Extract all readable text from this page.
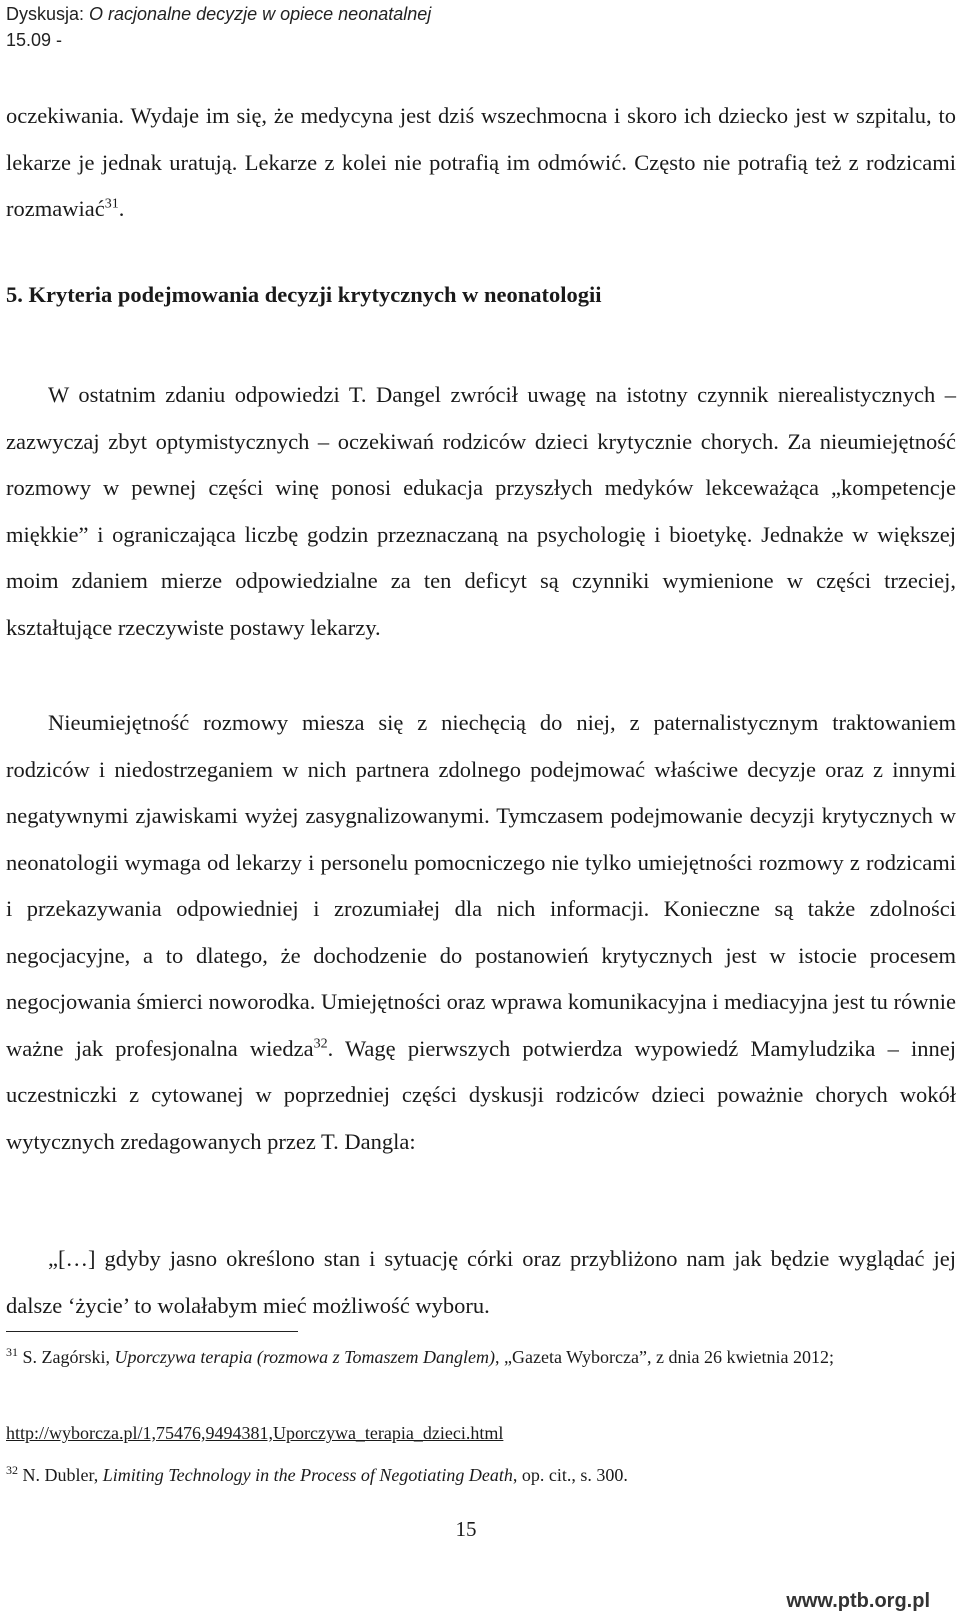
Dyskusja: O racjonalne decyzje w opiece neonatalnej
15.09 -

oczekiwania. Wydaje im się, że medycyna jest dziś wszechmocna i skoro ich dziecko jest w szpitalu, to lekarze je jednak uratują. Lekarze z kolei nie potrafią im odmówić. Często nie potrafią też z rodzicami rozmawiać$^{31}$.

5. Kryteria podejmowania decyzji krytycznych w neonatologii

W ostatnim zdaniu odpowiedzi T. Dangel zwrócił uwagę na istotny czynnik nierealistycznych – zazwyczaj zbyt optymistycznych – oczekiwań rodziców dzieci krytycznie chorych. Za nieumiejętność rozmowy w pewnej części winę ponosi edukacja przyszłych medyków lekceważąca „kompetencje miękkie” i ograniczająca liczbę godzin przeznaczaną na psychologię i bioetykę. Jednakże w większej moim zdaniem mierze odpowiedzialne za ten deficyt są czynniki wymienione w części trzeciej, kształtujące rzeczywiste postawy lekarzy.

Nieumiejętność rozmowy miesza się z niechęcią do niej, z paternalistycznym traktowaniem rodziców i niedostrzeganiem w nich partnera zdolnego podejmować właściwe decyzje oraz z innymi negatywnymi zjawiskami wyżej zasygnalizowanymi. Tymczasem podejmowanie decyzji krytycznych w neonatologii wymaga od lekarzy i personelu pomocniczego nie tylko umiejętności rozmowy z rodzicami i przekazywania odpowiedniej i zrozumiałej dla nich informacji. Konieczne są także zdolności negocjacyjne, a to dlatego, że dochodzenie do postanowień krytycznych jest w istocie procesem negocjowania śmierci noworodka. Umiejętności oraz wprawa komunikacyjna i mediacyjna jest tu równie ważne jak profesjonalna wiedza$^{32}$. Wagę pierwszych potwierdza wypowiedź Mamyludzika – innej uczestniczki z cytowanej w poprzedniej części dyskusji rodziców dzieci poważnie chorych wokół wytycznych zredagowanych przez T. Dangla:

„[…] gdyby jasno określono stan i sytuację córki oraz przybliżono nam jak będzie wyglądać jej dalsze ‘życie’ to wolałabym mieć możliwość wyboru.

$^{31}$ S. Zagórski, Uporczywa terapia (rozmowa z Tomaszem Danglem), „Gazeta Wyborcza”, z dnia 26 kwietnia 2012;

http://wyborcza.pl/1,75476,9494381,Uporczywa_terapia_dzieci.html

$^{32}$ N. Dubler, Limiting Technology in the Process of Negotiating Death, op. cit., s. 300.

15
www.ptb.org.pl
